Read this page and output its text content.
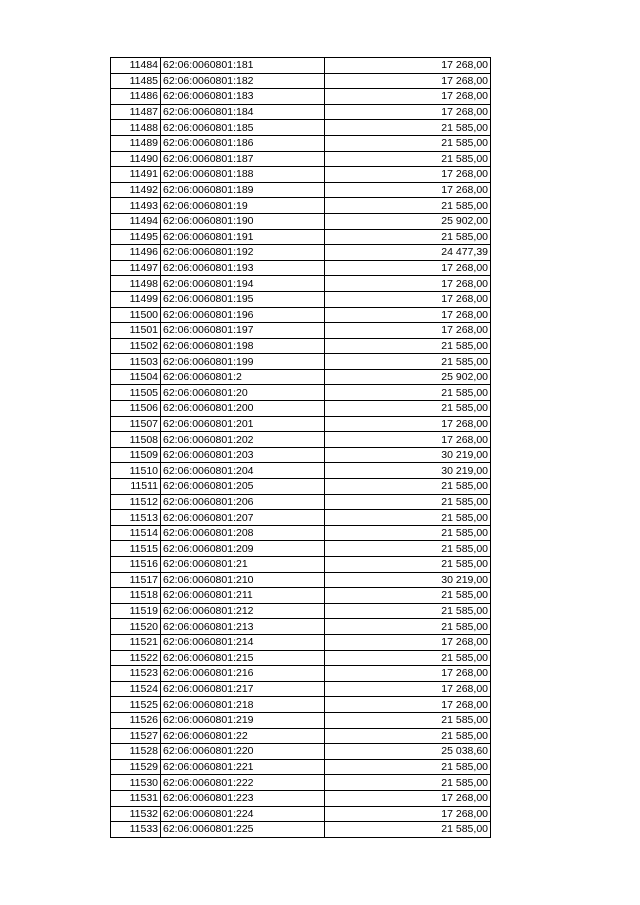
11484	62:06:0060801:181	17 268,00
11485	62:06:0060801:182	17 268,00
11486	62:06:0060801:183	17 268,00
11487	62:06:0060801:184	17 268,00
11488	62:06:0060801:185	21 585,00
11489	62:06:0060801:186	21 585,00
11490	62:06:0060801:187	21 585,00
11491	62:06:0060801:188	17 268,00
11492	62:06:0060801:189	17 268,00
11493	62:06:0060801:19	21 585,00
11494	62:06:0060801:190	25 902,00
11495	62:06:0060801:191	21 585,00
11496	62:06:0060801:192	24 477,39
11497	62:06:0060801:193	17 268,00
11498	62:06:0060801:194	17 268,00
11499	62:06:0060801:195	17 268,00
11500	62:06:0060801:196	17 268,00
11501	62:06:0060801:197	17 268,00
11502	62:06:0060801:198	21 585,00
11503	62:06:0060801:199	21 585,00
11504	62:06:0060801:2	25 902,00
11505	62:06:0060801:20	21 585,00
11506	62:06:0060801:200	21 585,00
11507	62:06:0060801:201	17 268,00
11508	62:06:0060801:202	17 268,00
11509	62:06:0060801:203	30 219,00
11510	62:06:0060801:204	30 219,00
11511	62:06:0060801:205	21 585,00
11512	62:06:0060801:206	21 585,00
11513	62:06:0060801:207	21 585,00
11514	62:06:0060801:208	21 585,00
11515	62:06:0060801:209	21 585,00
11516	62:06:0060801:21	21 585,00
11517	62:06:0060801:210	30 219,00
11518	62:06:0060801:211	21 585,00
11519	62:06:0060801:212	21 585,00
11520	62:06:0060801:213	21 585,00
11521	62:06:0060801:214	17 268,00
11522	62:06:0060801:215	21 585,00
11523	62:06:0060801:216	17 268,00
11524	62:06:0060801:217	17 268,00
11525	62:06:0060801:218	17 268,00
11526	62:06:0060801:219	21 585,00
11527	62:06:0060801:22	21 585,00
11528	62:06:0060801:220	25 038,60
11529	62:06:0060801:221	21 585,00
11530	62:06:0060801:222	21 585,00
11531	62:06:0060801:223	17 268,00
11532	62:06:0060801:224	17 268,00
11533	62:06:0060801:225	21 585,00
